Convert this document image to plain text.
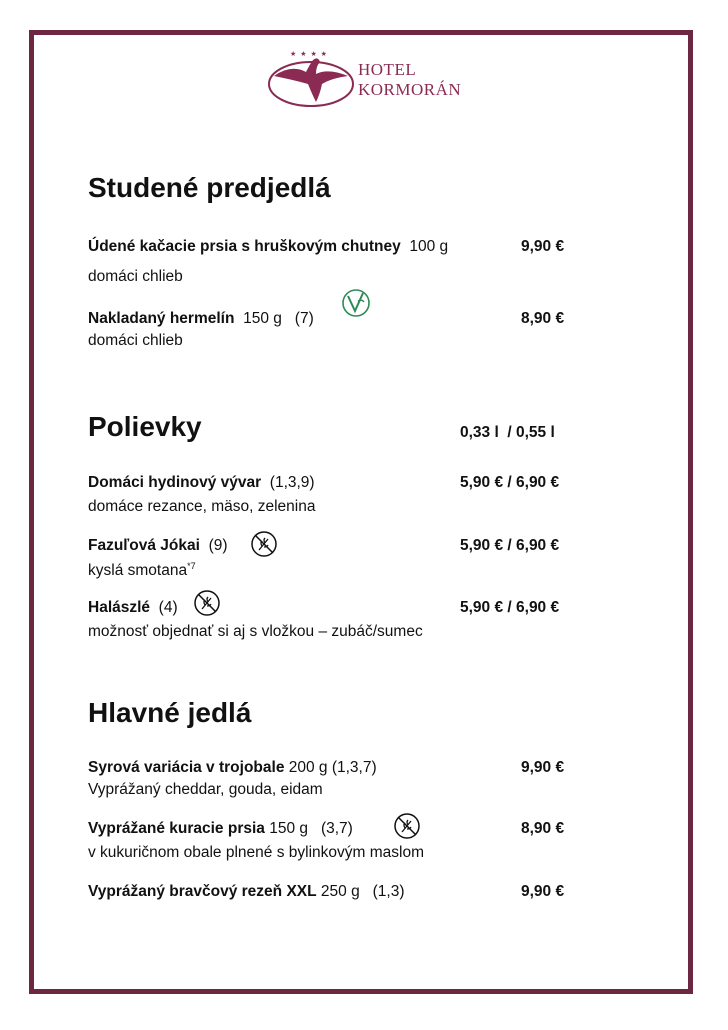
★ ★ ★ ★
HOTEL
KORMORÁN
Studené predjedlá
Údené kačacie prsia s hruškovým chutney 100 g	9,90 €
domáci chlieb
Nakladaný hermelín 150 g   (7)	8,90 €
domáci chlieb
Polievky	0,33 l  / 0,55 l
Domáci hydinový vývar (1,3,9)	5,90 € / 6,90 €
domáce rezance, mäso, zelenina
Fazuľová Jókai (9)	5,90 € / 6,90 €
kyslá smotana$^{*7}$
Halászlé (4)	5,90 € / 6,90 €
možnosť objednať si aj s vložkou – zubáč/sumec
Hlavné jedlá
Syrová variácia v trojobale 200 g (1,3,7)	9,90 €
Vyprážaný cheddar, gouda, eidam
Vyprážané kuracie prsia 150 g   (3,7)	8,90 €
v kukuričnom obale plnené s bylinkovým maslom
Vyprážaný bravčový rezeň XXL 250 g   (1,3)	9,90 €
